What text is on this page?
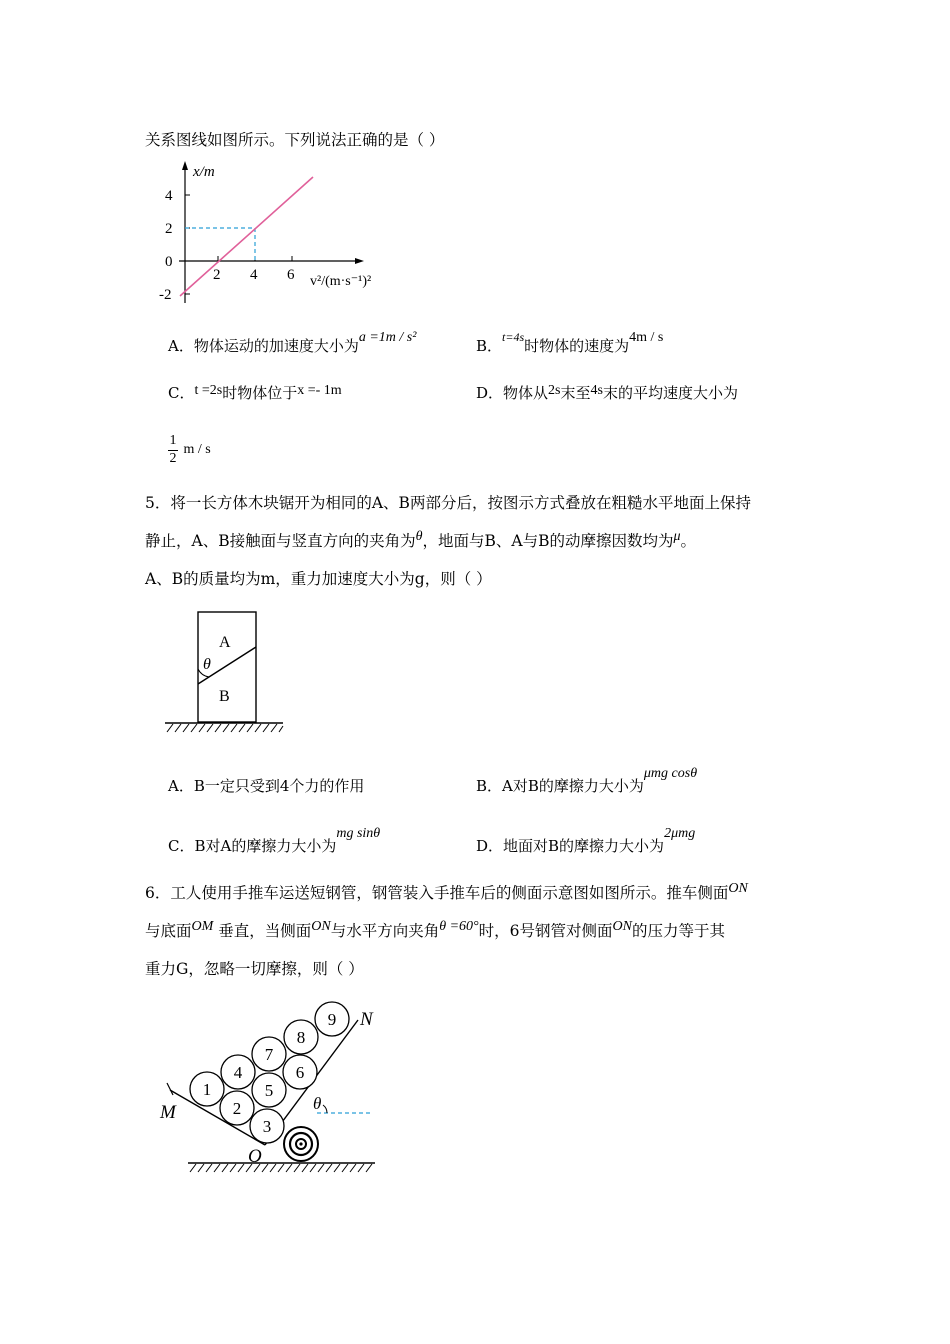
关系图线如图所示。下列说法正确的是（ ）
x/m
4
2
0
-2
2 4 6 v²/(m·s⁻¹)²
A．物体运动的加速度大小为a =1m / s²	B．$^{t=4s}$时物体的速度为4m / s
C．t =2s时物体位于x =- 1m	D．物体从2s末至4s末的平均速度大小为
$\frac{1}{2}$ m / s
5．将一长方体木块锯开为相同的A、B两部分后，按图示方式叠放在粗糙水平地面上保持
静止，A、B接触面与竖直方向的夹角为θ，地面与B、A与B的动摩擦因数均为μ。
A、B的质量均为m，重力加速度大小为g，则（ ）
A
θ
B
A．B一定只受到4个力的作用	B．A对B的摩擦力大小为μmg cosθ
C．B对A的摩擦力大小为mg sinθ
D．地面对B的摩擦力大小为2μmg
6．工人使用手推车运送短钢管，钢管装入手推车后的侧面示意图如图所示。推车侧面ON
与底面OM 垂直，当侧面ON与水平方向夹角θ =60°时，6号钢管对侧面ON的压力等于其
重力G，忽略一切摩擦，则（ ）
1
2
3
4
5
6
7
8
9
M
N
O
θ
